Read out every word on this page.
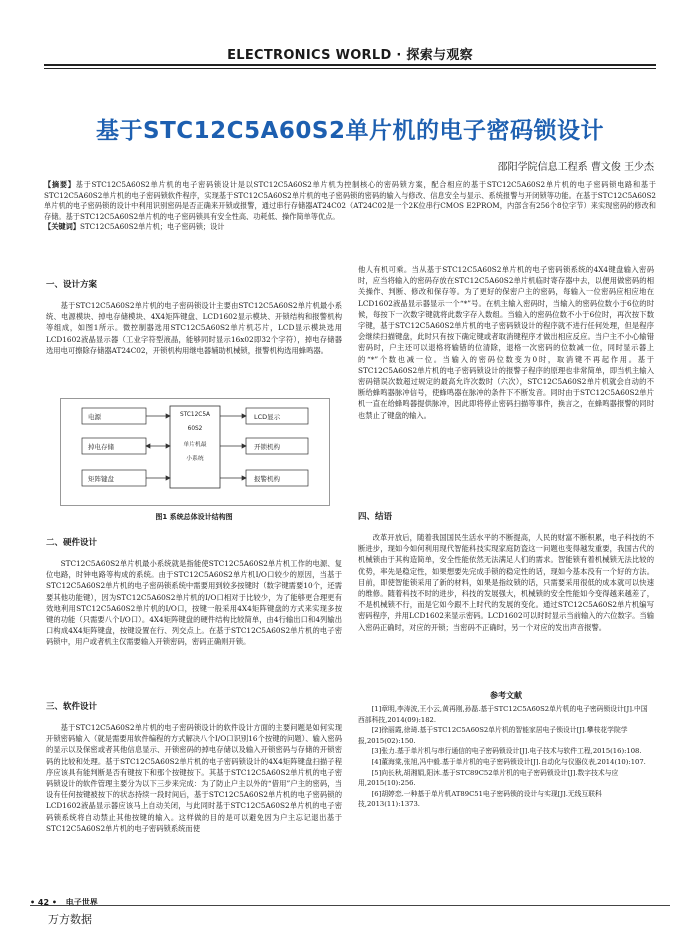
ELECTRONICS WORLD · 探索与观察
基于STC12C5A60S2单片机的电子密码锁设计
邵阳学院信息工程系 曹文俊 王少杰
【摘要】基于STC12C5A60S2单片机的电子密码锁设计是以STC12C5A60S2单片机为控制核心的密码锁方案，配合相应的基于STC12C5A60S2单片机的电子密码锁电路和基于STC12C5A60S2单片机的电子密码锁软件程序，实现基于STC12C5A60S2单片机的电子密码锁的密码的输入与修改、信息安全与显示、系统报警与开闭锁等功能。在基于STC12C5A60S2单片机的电子密码锁的设计中利用识别密码是否正确来开锁或报警，通过串行存储器AT24C02（AT24C02是一个2K位串行CMOS E2PROM，内部含有256个8位字节）来实现密码的修改和存储。基于STC12C5A60S2单片机的电子密码锁具有安全性高、功耗低、操作简单等优点。
【关键词】STC12C5A60S2单片机；电子密码锁；设计
一、设计方案

基于STC12C5A60S2单片机的电子密码锁设计主要由STC12C5A60S2单片机最小系统、电源模块、掉电存储模块、4X4矩阵键盘、LCD1602显示模块、开锁结构和报警机构等组成，如图1所示。微控制器选用STC12C5A60S2单片机芯片，LCD显示模块选用LCD1602液晶显示器（工业字符型液晶，能够同时显示16x02即32个字符），掉电存储器选用电可擦除存储器AT24C02，开锁机构用继电器辅助机械锁，报警机构选用蜂鸣器。

电源
掉电存储
矩阵键盘
LCD显示
开锁机构
报警机构
STC12C5A
60S2
单片机最
小系统
图1 系统总体设计结构图
二、硬件设计

STC12C5A60S2单片机最小系统就是指能使STC12C5A60S2单片机工作的电源、复位电路，时钟电路等构成的系统。由于STC12C5A60S2单片机I/O口较少的原因，当基于STC12C5A60S2单片机的电子密码锁系统中需要用到较多按键时（数字键需要10个，还需要其他功能键），因为STC12C5A60S2单片机的I/O口相对于比较少，为了能够更合理更有效地利用STC12C5A60S2单片机的I/O口，按键一般采用4X4矩阵键盘的方式来实现多按键的功能（只需要八个I/O口）。4X4矩阵键盘的硬件结构比较简单，由4行输出口和4列输出口构成4X4矩阵键盘，按键设置在行、列交点上。在基于STC12C5A60S2单片机的电子密码锁中，用户或者机主仅需要输入开锁密码，密码正确则开锁。

三、软件设计

基于STC12C5A60S2单片机的电子密码锁设计的软件设计方面的主要问题是如何实现开锁密码输入（就是需要用软件编程的方式解决八个I/O口识别16个按键的问题）、输入密码的显示以及保密或者其他信息显示、开锁密码的掉电存储以及输入开锁密码与存储的开锁密码的比较和处理。基于STC12C5A60S2单片机的电子密码锁设计的4X4矩阵键盘扫描子程序应该具有能判断是否有键按下和那个按键按下。其基于STC12C5A60S2单片机的电子密码锁设计的软件管理主要分为以下三步来完成：为了防止户主以外的“借用”户主的密码，当设有任何按键被按下的状态持续一段时间后，基于STC12C5A60S2单片机的电子密码锁的LCD1602液晶显示器应该马上自动关闭，与此同时基于STC12C5A60S2单片机的电子密码锁系统将自动禁止其他按键的输入。这样做的目的是可以避免因为户主忘记退出基于STC12C5A60S2单片机的电子密码锁系统而使

他人有机可乘。当从基于STC12C5A60S2单片机的电子密码锁系统的4X4键盘输入密码时，应当将输入的密码存放在STC12C5A60S2单片机临时寄存器中去，以便用做密码的相关操作、判断、修改和保存等。为了更好的保密户主的密码，每输入一位密码应相应地在LCD1602液晶显示器显示一个“*”号。在机主输入密码时，当输入的密码位数小于6位的时候，每按下一次数字键就将此数字存入数组。当输入的密码位数不小于6位时，再次按下数字键，基于STC12C5A60S2单片机的电子密码锁设计的程序就不进行任何处理，但是程序会继续扫描键盘，此时只有按下确定键或者取消键程序才做出相应反应。当户主不小心输错密码时，户主还可以退格将输错的位清除，退格一次密码的位数减一位，同时显示器上的“*”个数也减一位。当输入的密码位数变为0时，取消键不再起作用。基于STC12C5A60S2单片机的电子密码锁设计的报警子程序的原理也非常简单，即当机主输入密码错误次数超过规定的最高允许次数时（六次），STC12C5A60S2单片机就会自动的不断给蜂鸣器脉冲信号，使蜂鸣器在脉冲的条件下不断发音。同时由于STC12C5A60S2单片机一直在给蜂鸣器提供脉冲，因此即将停止密码扫描等事件，换言之，在蜂鸣器报警的同时也禁止了键盘的输入。

四、结语

改革开放后，随着我国国民生活水平的不断提高，人民的财富不断积累，电子科技的不断进步，现如今如何利用现代智能科技实现家庭防盗这一问题也变得越发重要，我国古代的机械锁由于其构造简单，安全性能依然无法满足人们的需求。智能锁有着机械锁无法比较的优势，率先是稳定性，如果想要先完成手锁的稳定性的话，现如今基本没有一个好的方法。目前，即使智能锁采用了新的材料，如果是指纹锁的话，只需要采用很低的成本就可以快速的维修。随着科技不时的进步，科技的发展强大，机械锁的安全性能如今变得越来越差了，不是机械锁不行，而是它如今跟不上时代的发展的变化。通过STC12C5A60S2单片机编写密码程序，并用LCD1602来显示密码。LCD1602可以时时显示当前输入的六位数字。当输入密码正确时，对应的开锁；当密码不正确时，另一个对应的发出声音报警。

参考文献
[1]章明,李涛波,王小云,黄再刚,孙磊.基于STC12C5A60S2单片机的电子密码锁设计[J].中国西部科技,2014(09):182.
[2]徐丽霞,徐琦.基于STC12C5A60S2单片机的智能家居电子锁设计[J].攀枝花学院学报,2015(02):150.
[3]张力.基于单片机与串行通信的电子密码锁设计[J].电子技术与软件工程,2015(16):108.
[4]董海棠,张旭,冯中毅.基于单片机的电子密码锁设计[J].自动化与仪器仪表,2014(10):107.
[5]向长秋,胡湘娟,阳沐.基于STC89C52单片机的电子密码锁设计[J].数字技术与应用,2015(10):256.
[6]胡婷恋.一种基于单片机AT89C51电子密码锁的设计与实现[J].无线互联科技,2013(11):1373.
• 42 • 电子世界
万方数据
